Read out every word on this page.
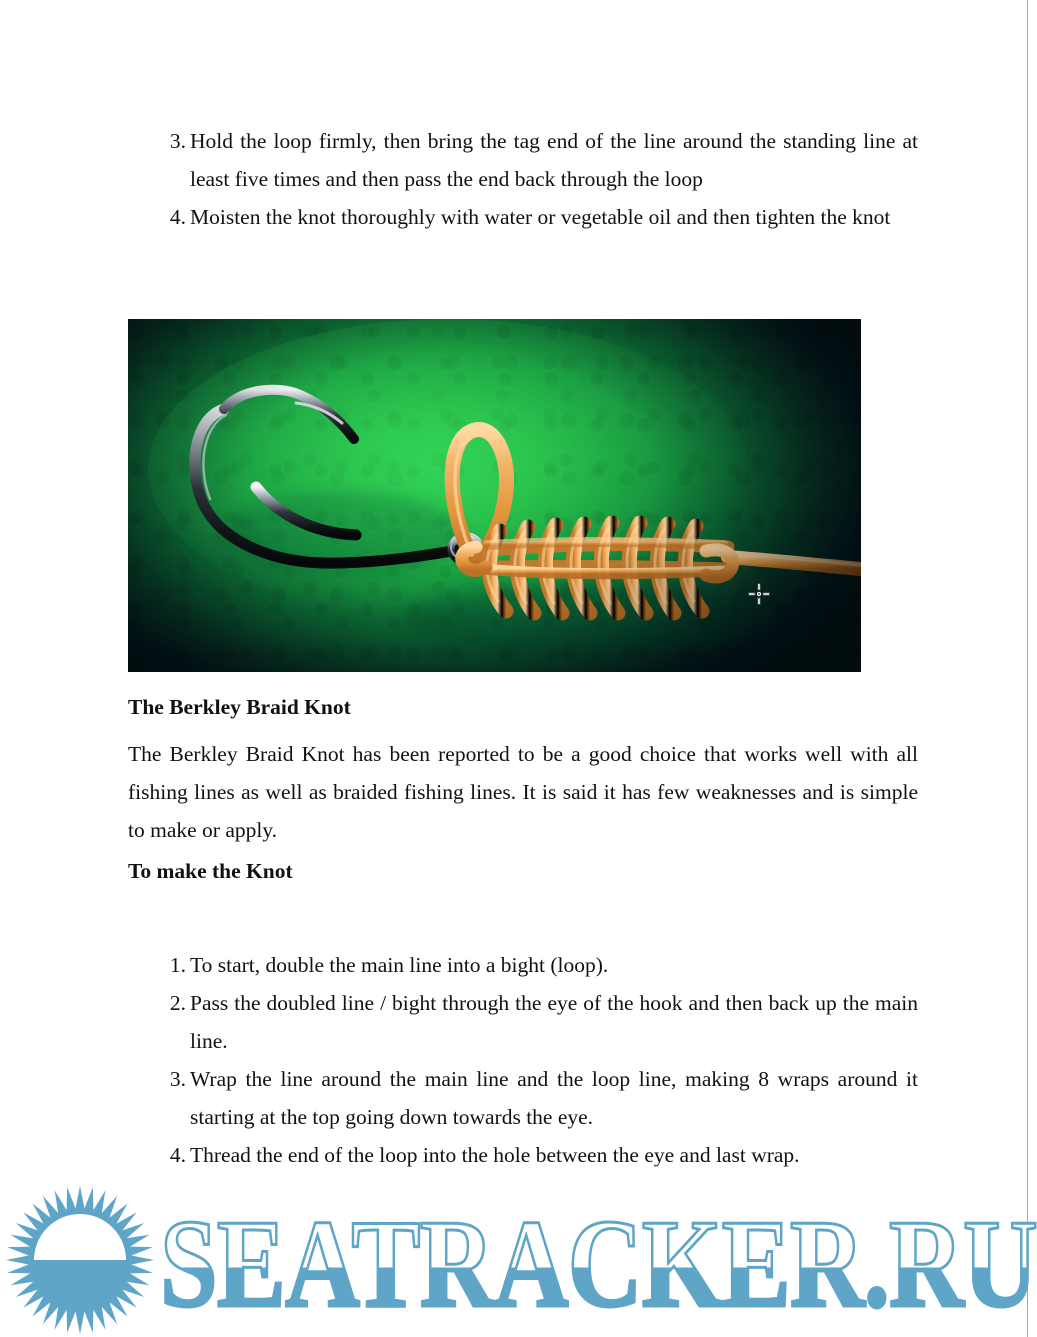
3. Hold the loop firmly, then bring the tag end of the line around the standing line at least five times and then pass the end back through the loop
4. Moisten the knot thoroughly with water or vegetable oil and then tighten the knot
The Berkley Braid Knot
The Berkley Braid Knot has been reported to be a good choice that works well with all fishing lines as well as braided fishing lines. It is said it has few weaknesses and is simple to make or apply.
To make the Knot
1. To start, double the main line into a bight (loop).
2. Pass the doubled line / bight through the eye of the hook and then back up the main line.
3. Wrap the line around the main line and the loop line, making 8 wraps around it starting at the top going down towards the eye.
4. Thread the end of the loop into the hole between the eye and last wrap.
SEATRACKER.RU
